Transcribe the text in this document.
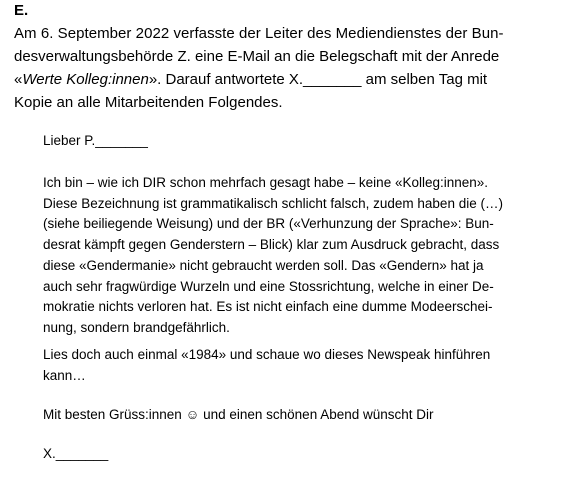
E.
Am 6. September 2022 verfasste der Leiter des Mediendienstes der Bun-
desverwaltungsbehörde Z. eine E-Mail an die Belegschaft mit der Anrede
«Werte Kolleg:innen». Darauf antwortete X._______ am selben Tag mit
Kopie an alle Mitarbeitenden Folgendes.
Lieber P._______
Ich bin – wie ich DIR schon mehrfach gesagt habe – keine «Kolleg:innen».
Diese Bezeichnung ist grammatikalisch schlicht falsch, zudem haben die (…)
(siehe beiliegende Weisung) und der BR («Verhunzung der Sprache»: Bun-
desrat kämpft gegen Genderstern – Blick) klar zum Ausdruck gebracht, dass
diese «Gendermanie» nicht gebraucht werden soll. Das «Gendern» hat ja
auch sehr fragwürdige Wurzeln und eine Stossrichtung, welche in einer De-
mokratie nichts verloren hat. Es ist nicht einfach eine dumme Modeerschei-
nung, sondern brandgefährlich.
Lies doch auch einmal «1984» und schaue wo dieses Newspeak hinführen
kann…
Mit besten Grüss:innen ☺ und einen schönen Abend wünscht Dir
X._______
